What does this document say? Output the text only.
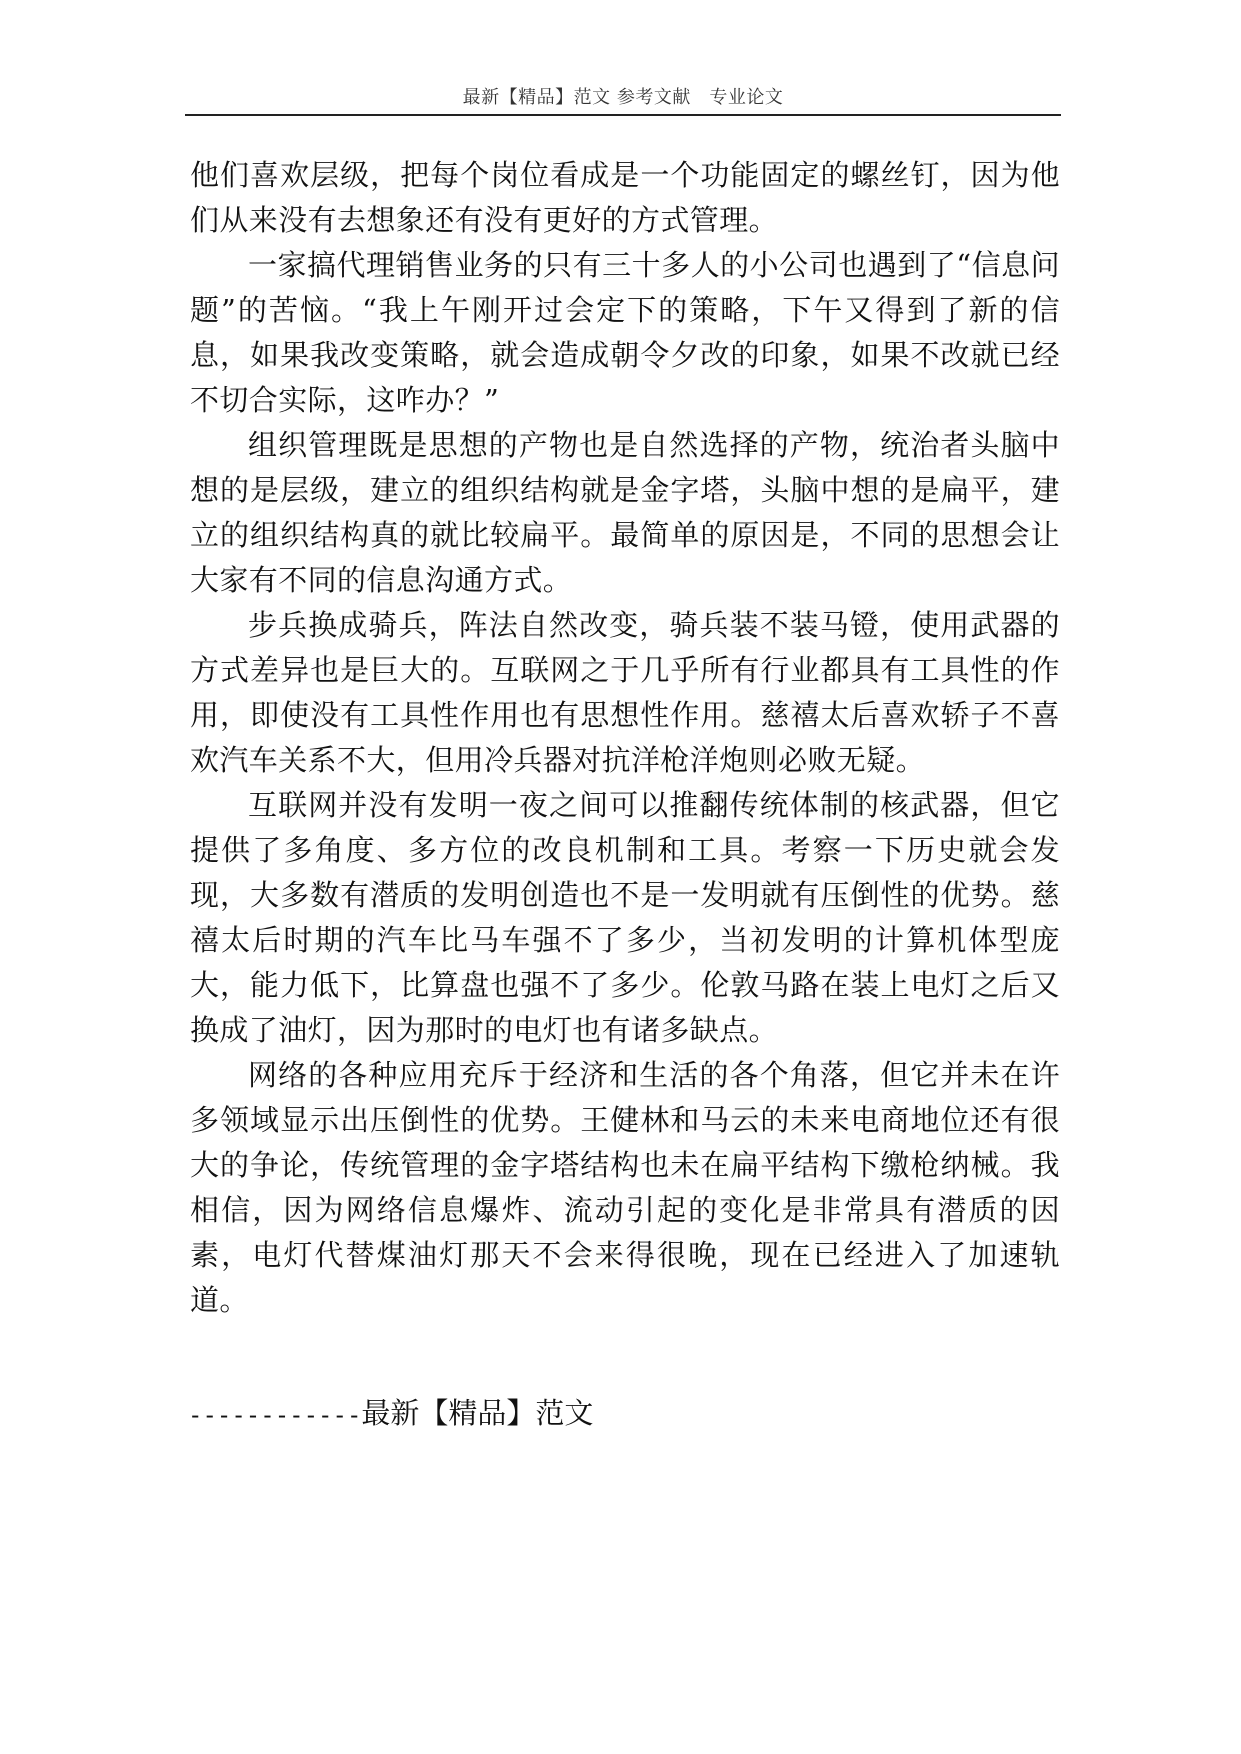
最新【精品】范文 参考文献　专业论文

他们喜欢层级，把每个岗位看成是一个功能固定的螺丝钉，因为他们从来没有去想象还有没有更好的方式管理。

一家搞代理销售业务的只有三十多人的小公司也遇到了“信息问题”的苦恼。“我上午刚开过会定下的策略，下午又得到了新的信息，如果我改变策略，就会造成朝令夕改的印象，如果不改就已经不切合实际，这咋办？”

组织管理既是思想的产物也是自然选择的产物，统治者头脑中想的是层级，建立的组织结构就是金字塔，头脑中想的是扁平，建立的组织结构真的就比较扁平。最简单的原因是，不同的思想会让大家有不同的信息沟通方式。

步兵换成骑兵，阵法自然改变，骑兵装不装马镫，使用武器的方式差异也是巨大的。互联网之于几乎所有行业都具有工具性的作用，即使没有工具性作用也有思想性作用。慈禧太后喜欢轿子不喜欢汽车关系不大，但用冷兵器对抗洋枪洋炮则必败无疑。

互联网并没有发明一夜之间可以推翻传统体制的核武器，但它提供了多角度、多方位的改良机制和工具。考察一下历史就会发现，大多数有潜质的发明创造也不是一发明就有压倒性的优势。慈禧太后时期的汽车比马车强不了多少，当初发明的计算机体型庞大，能力低下，比算盘也强不了多少。伦敦马路在装上电灯之后又换成了油灯，因为那时的电灯也有诸多缺点。

网络的各种应用充斥于经济和生活的各个角落，但它并未在许多领域显示出压倒性的优势。王健林和马云的未来电商地位还有很大的争论，传统管理的金字塔结构也未在扁平结构下缴枪纳械。我相信，因为网络信息爆炸、流动引起的变化是非常具有潜质的因素，电灯代替煤油灯那天不会来得很晚，现在已经进入了加速轨道。

------------最新【精品】范文
